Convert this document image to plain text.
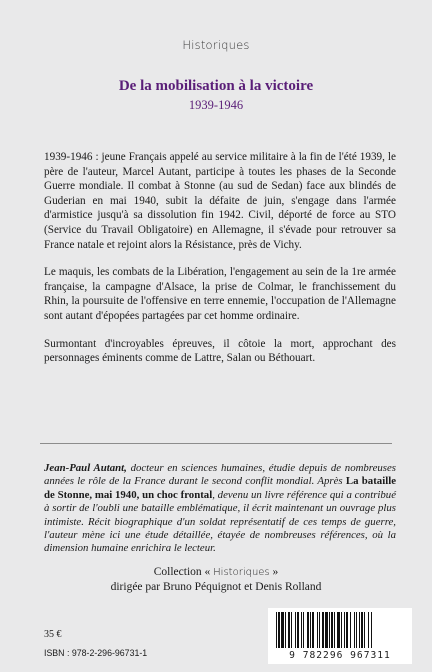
Historiques
De la mobilisation à la victoire
1939-1946

1939-1946 : jeune Français appelé au service militaire à la fin de l'été 1939, le père de l'auteur, Marcel Autant, participe à toutes les phases de la Seconde Guerre mondiale. Il combat à Stonne (au sud de Sedan) face aux blindés de Guderian en mai 1940, subit la défaite de juin, s'engage dans l'armée d'armistice jusqu'à sa dissolution fin 1942. Civil, déporté de force au STO (Service du Travail Obligatoire) en Allemagne, il s'évade pour retrouver sa France natale et rejoint alors la Résistance, près de Vichy.

Le maquis, les combats de la Libération, l'engagement au sein de la 1re armée française, la campagne d'Alsace, la prise de Colmar, le franchissement du Rhin, la poursuite de l'offensive en terre ennemie, l'occupation de l'Allemagne sont autant d'épopées partagées par cet homme ordinaire.

Surmontant d'incroyables épreuves, il côtoie la mort, approchant des personnages éminents comme de Lattre, Salan ou Béthouart.

Jean-Paul Autant, docteur en sciences humaines, étudie depuis de nombreuses années le rôle de la France durant le second conflit mondial. Après La bataille de Stonne, mai 1940, un choc frontal, devenu un livre référence qui a contribué à sortir de l'oubli une bataille emblématique, il écrit maintenant un ouvrage plus intimiste. Récit biographique d'un soldat représentatif de ces temps de guerre, l'auteur mène ici une étude détaillée, étayée de nombreuses références, où la dimension humaine enrichira le lecteur.
Collection « Historiques »
dirigée par Bruno Péquignot et Denis Rolland
35 €
ISBN : 978-2-296-96731-1	9 782296 967311
